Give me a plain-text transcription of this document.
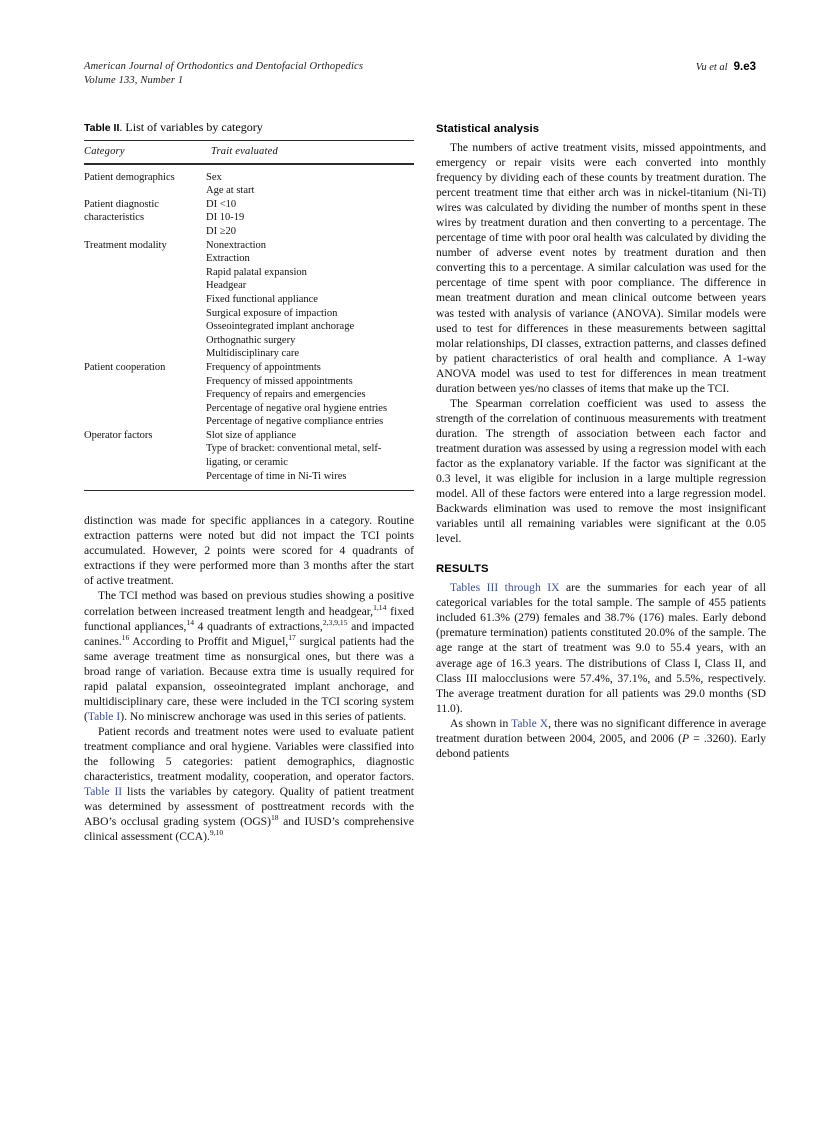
American Journal of Orthodontics and Dentofacial Orthopedics
Volume 133, Number 1
Vu et al 9.e3
Table II. List of variables by category
Category	Trait evaluated
Patient demographics	Sex
	Age at start
Patient diagnostic	DI <10
characteristics	DI 10-19
	DI ≥20
Treatment modality	Nonextraction
	Extraction
	Rapid palatal expansion
	Headgear
	Fixed functional appliance
	Surgical exposure of impaction
	Osseointegrated implant anchorage
	Orthognathic surgery
	Multidisciplinary care
Patient cooperation	Frequency of appointments
	Frequency of missed appointments
	Frequency of repairs and emergencies
	Percentage of negative oral hygiene entries
	Percentage of negative compliance entries
Operator factors	Slot size of appliance
	Type of bracket: conventional metal, self-
	ligating, or ceramic
	Percentage of time in Ni-Ti wires

distinction was made for specific appliances in a category. Routine extraction patterns were noted but did not impact the TCI points accumulated. However, 2 points were scored for 4 quadrants of extractions if they were performed more than 3 months after the start of active treatment.

The TCI method was based on previous studies showing a positive correlation between increased treatment length and headgear,$^{1,14}$ fixed functional appliances,$^{14}$ 4 quadrants of extractions,$^{2,3,9,15}$ and impacted canines.$^{16}$ According to Proffit and Miguel,$^{17}$ surgical patients had the same average treatment time as nonsurgical ones, but there was a broad range of variation. Because extra time is usually required for rapid palatal expansion, osseointegrated implant anchorage, and multidisciplinary care, these were included in the TCI scoring system (Table I). No miniscrew anchorage was used in this series of patients.

Patient records and treatment notes were used to evaluate patient treatment compliance and oral hygiene. Variables were classified into the following 5 categories: patient demographics, diagnostic characteristics, treatment modality, cooperation, and operator factors. Table II lists the variables by category. Quality of patient treatment was determined by assessment of posttreatment records with the ABO’s occlusal grading system (OGS)$^{18}$ and IUSD’s comprehensive clinical assessment (CCA).$^{9,10}$

Statistical analysis

The numbers of active treatment visits, missed appointments, and emergency or repair visits were each converted into monthly frequency by dividing each of these counts by treatment duration. The percent treatment time that either arch was in nickel-titanium (Ni-Ti) wires was calculated by dividing the number of months spent in these wires by treatment duration and then converting to a percentage. The percentage of time with poor oral health was calculated by dividing the number of adverse event notes by treatment duration and then converting this to a percentage. A similar calculation was used for the percentage of time spent with poor compliance. The difference in mean treatment duration and mean clinical outcome between years was tested with analysis of variance (ANOVA). Similar models were used to test for differences in these measurements between sagittal molar relationships, DI classes, extraction patterns, and classes defined by patient characteristics of oral health and compliance. A 1-way ANOVA model was used to test for differences in mean treatment duration between yes/no classes of items that make up the TCI.

The Spearman correlation coefficient was used to assess the strength of the correlation of continuous measurements with treatment duration. The strength of association between each factor and treatment duration was assessed by using a regression model with each factor as the explanatory variable. If the factor was significant at the 0.3 level, it was eligible for inclusion in a large multiple regression model. All of these factors were entered into a large regression model. Backwards elimination was used to remove the most insignificant variables until all remaining variables were significant at the 0.05 level.

RESULTS

Tables III through IX are the summaries for each year of all categorical variables for the total sample. The sample of 455 patients included 61.3% (279) females and 38.7% (176) males. Early debond (premature termination) patients constituted 20.0% of the sample. The age range at the start of treatment was 9.0 to 55.4 years, with an average age of 16.3 years. The distributions of Class I, Class II, and Class III malocclusions were 57.4%, 37.1%, and 5.5%, respectively. The average treatment duration for all patients was 29.0 months (SD 11.0).

As shown in Table X, there was no significant difference in average treatment duration between 2004, 2005, and 2006 (P = .3260). Early debond patients
